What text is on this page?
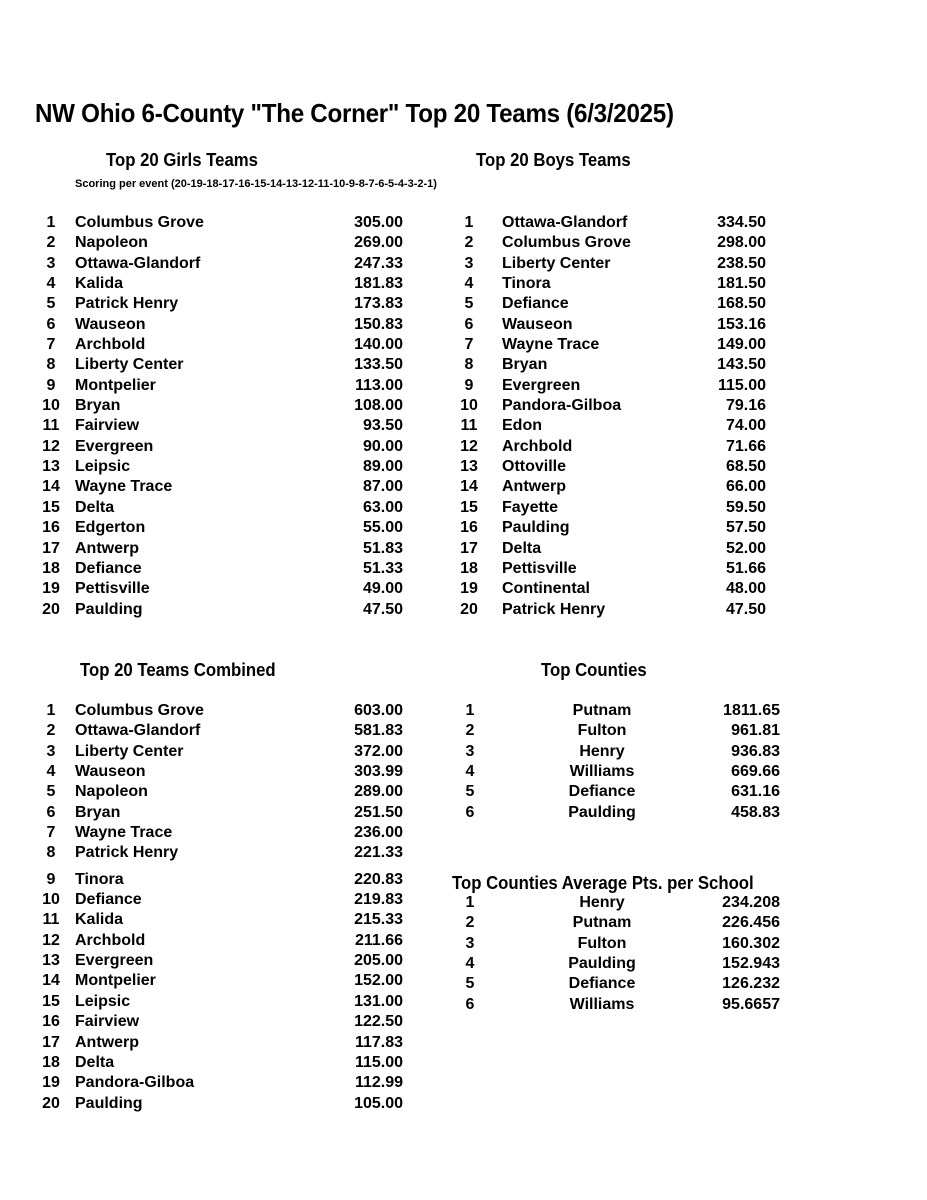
NW Ohio 6-County "The Corner" Top 20 Teams (6/3/2025)
Top 20 Girls Teams	Top 20 Boys Teams
Scoring per event (20-19-18-17-16-15-14-13-12-11-10-9-8-7-6-5-4-3-2-1)
1	Columbus Grove	305.00
2	Napoleon	269.00
3	Ottawa-Glandorf	247.33
4	Kalida	181.83
5	Patrick Henry	173.83
6	Wauseon	150.83
7	Archbold	140.00
8	Liberty Center	133.50
9	Montpelier	113.00
10 Bryan	108.00
11 Fairview	93.50
12 Evergreen	90.00
13 Leipsic	89.00
14 Wayne Trace	87.00
15 Delta	63.00
16 Edgerton	55.00
17 Antwerp	51.83
18 Defiance	51.33
19 Pettisville	49.00
20 Paulding	47.50
1	Ottawa-Glandorf	334.50
2	Columbus Grove	298.00
3	Liberty Center	238.50
4	Tinora	181.50
5	Defiance	168.50
6	Wauseon	153.16
7	Wayne Trace	149.00
8	Bryan	143.50
9	Evergreen	115.00
10	Pandora-Gilboa	79.16
11	Edon	74.00
12	Archbold	71.66
13	Ottoville	68.50
14	Antwerp	66.00
15	Fayette	59.50
16	Paulding	57.50
17	Delta	52.00
18	Pettisville	51.66
19	Continental	48.00
20	Patrick Henry	47.50
Top 20 Teams Combined	Top Counties
1	Columbus Grove	603.00
2	Ottawa-Glandorf	581.83
3	Liberty Center	372.00
4	Wauseon	303.99
5	Napoleon	289.00
6	Bryan	251.50
7	Wayne Trace	236.00
8	Patrick Henry	221.33
9	Tinora	220.83
10 Defiance	219.83
11 Kalida	215.33
12 Archbold	211.66
13 Evergreen	205.00
14 Montpelier	152.00
15 Leipsic	131.00
16 Fairview	122.50
17 Antwerp	117.83
18 Delta	115.00
19 Pandora-Gilboa	112.99
20 Paulding	105.00
1	Putnam	1811.65
2	Fulton	961.81
3	Henry	936.83
4	Williams	669.66
5	Defiance	631.16
6	Paulding	458.83
Top Counties Average Pts. per School
1	Henry	234.208
2	Putnam	226.456
3	Fulton	160.302
4	Paulding	152.943
5	Defiance	126.232
6	Williams	95.6657
